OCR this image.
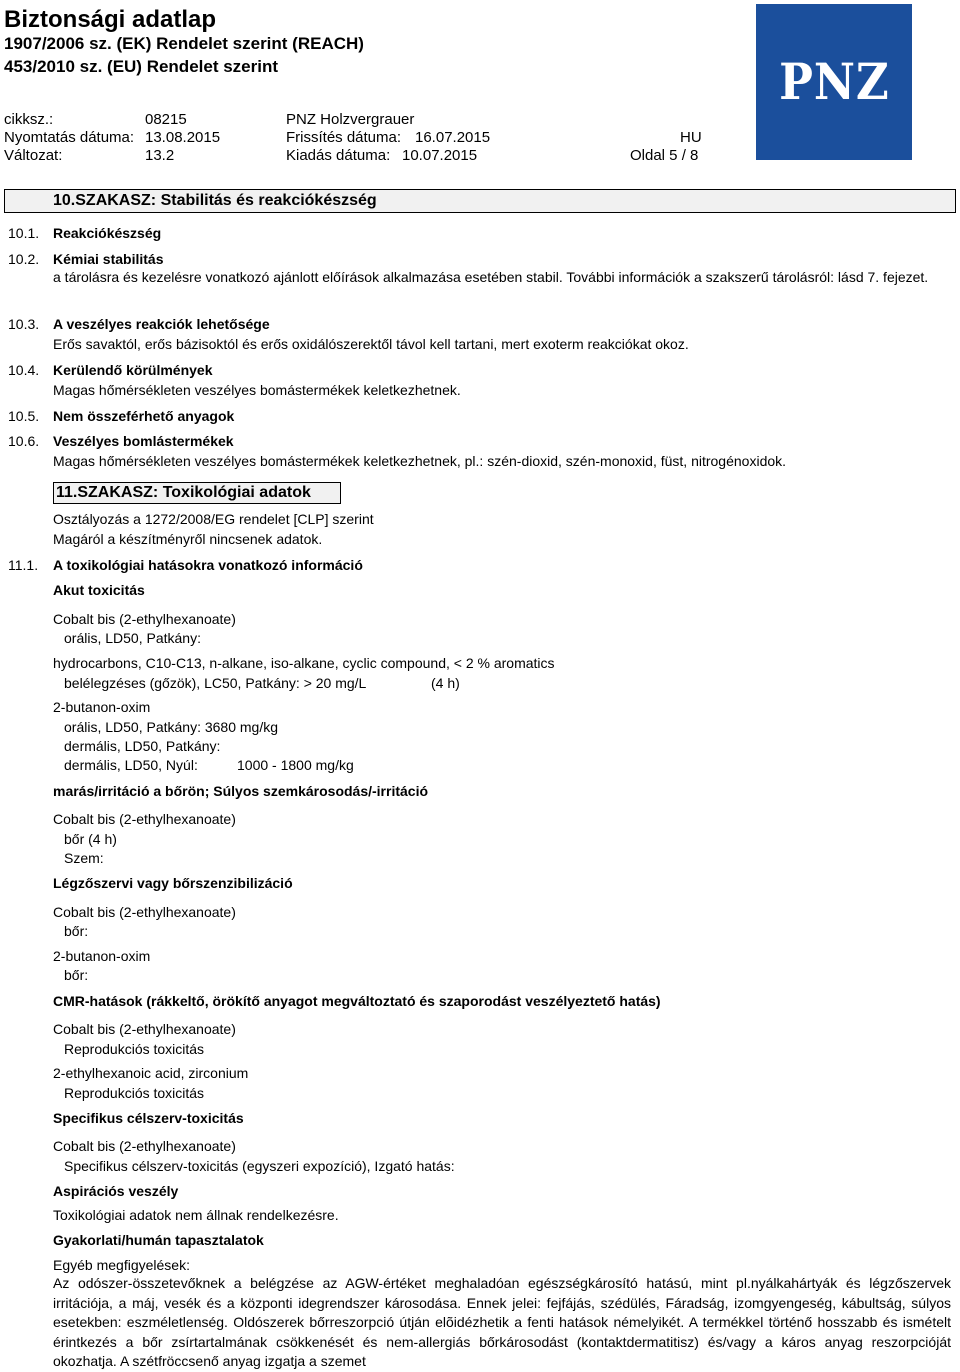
Biztonsági adatlap
1907/2006 sz. (EK) Rendelet szerint (REACH)
453/2010 sz. (EU) Rendelet szerint
cikksz.:	08215	PNZ Holzvergrauer
Nyomtatás dátuma: 13.08.2015	Frissítés dátuma: 16.07.2015	HU
Változat:	13.2	Kiadás dátuma: 10.07.2015	Oldal 5 / 8
PNZ
10.SZAKASZ: Stabilitás és reakciókészség
10.1. Reakciókészség
10.2. Kémiai stabilitás
a tárolásra és kezelésre vonatkozó ajánlott előírások alkalmazása esetében stabil. További információk a szakszerű tárolásról: lásd 7. fejezet.
10.3. A veszélyes reakciók lehetősége
Erős savaktól, erős bázisoktól és erős oxidálószerektől távol kell tartani, mert exoterm reakciókat okoz.
10.4. Kerülendő körülmények
Magas hőmérsékleten veszélyes bomástermékek keletkezhetnek.
10.5. Nem összeférhető anyagok
10.6. Veszélyes bomlástermékek
Magas hőmérsékleten veszélyes bomástermékek keletkezhetnek, pl.: szén-dioxid, szén-monoxid, füst, nitrogénoxidok.
11.SZAKASZ: Toxikológiai adatok
Osztályozás a 1272/2008/EG rendelet [CLP] szerint
Magáról a készítményről nincsenek adatok.
11.1. A toxikológiai hatásokra vonatkozó információ
Akut toxicitás
Cobalt bis (2-ethylhexanoate)
orális, LD50, Patkány:
hydrocarbons, C10-C13, n-alkane, iso-alkane, cyclic compound, < 2 % aromatics
belélegzéses (gőzök), LC50, Patkány: > 20 mg/L	(4 h)
2-butanon-oxim
orális, LD50, Patkány: 3680 mg/kg
dermális, LD50, Patkány:
dermális, LD50, Nyúl:	1000 - 1800 mg/kg
marás/irritáció a bőrön; Súlyos szemkárosodás/-irritáció
Cobalt bis (2-ethylhexanoate)
bőr (4 h)
Szem:
Légzőszervi vagy bőrszenzibilizáció
Cobalt bis (2-ethylhexanoate)
bőr:
2-butanon-oxim
bőr:
CMR-hatások (rákkeltő, örökítő anyagot megváltoztató és szaporodást veszélyeztető hatás)
Cobalt bis (2-ethylhexanoate)
Reprodukciós toxicitás
2-ethylhexanoic acid, zirconium
Reprodukciós toxicitás
Specifikus célszerv-toxicitás
Cobalt bis (2-ethylhexanoate)
Specifikus célszerv-toxicitás (egyszeri expozíció), Izgató hatás:
Aspirációs veszély
Toxikológiai adatok nem állnak rendelkezésre.
Gyakorlati/humán tapasztalatok
Egyéb megfigyelések:
Az odószer-összetevőknek a belégzése az AGW-értéket meghaladóan egészségkárosító hatású, mint pl.nyálkahártyák és légzőszervek irritációja, a máj, vesék és a központi idegrendszer károsodása. Ennek jelei: fejfájás, szédülés, Fáradság, izomgyengeség, kábultság, súlyos esetekben: eszméletlenség. Oldószerek bőrreszorpció útján elõidézhetik a fenti hatások némelyikét. A termékkel történő hosszabb és ismételt érintkezés a bőr zsírtartalmának csökkenését és nem-allergiás bőrkárosodást (kontaktdermatitisz) és/vagy a káros anyag reszorpcióját okozhatja. A szétfröccsenő anyag izgatja a szemet
